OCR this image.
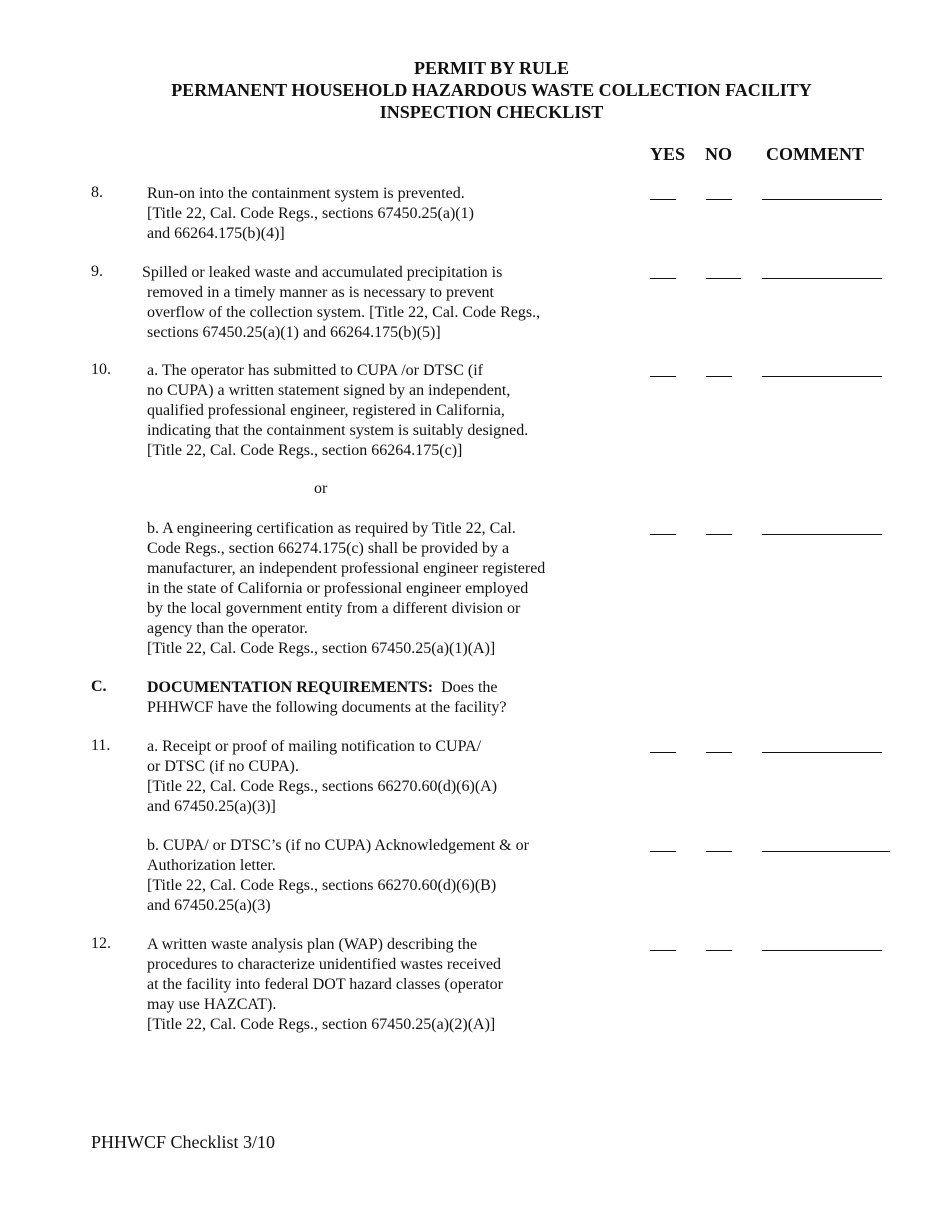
PERMIT BY RULE
PERMANENT HOUSEHOLD HAZARDOUS WASTE COLLECTION FACILITY
INSPECTION CHECKLIST
YES NO COMMENT
8.	Run-on into the containment system is prevented.
[Title 22, Cal. Code Regs., sections 67450.25(a)(1)
and 66264.175(b)(4)]
9. Spilled or leaked waste and accumulated precipitation is
removed in a timely manner as is necessary to prevent
overflow of the collection system. [Title 22, Cal. Code Regs.,
sections 67450.25(a)(1) and 66264.175(b)(5)]
10. a. The operator has submitted to CUPA /or DTSC (if
no CUPA) a written statement signed by an independent,
qualified professional engineer, registered in California,
indicating that the containment system is suitably designed.
[Title 22, Cal. Code Regs., section 66264.175(c)]
or
b. A engineering certification as required by Title 22, Cal.
Code Regs., section 66274.175(c) shall be provided by a
manufacturer, an independent professional engineer registered
in the state of California or professional engineer employed
by the local government entity from a different division or
agency than the operator.
[Title 22, Cal. Code Regs., section 67450.25(a)(1)(A)]
C.	DOCUMENTATION REQUIREMENTS: Does the
PHHWCF have the following documents at the facility?
11. a. Receipt or proof of mailing notification to CUPA/
or DTSC (if no CUPA).
[Title 22, Cal. Code Regs., sections 66270.60(d)(6)(A)
and 67450.25(a)(3)]
b. CUPA/ or DTSC’s (if no CUPA) Acknowledgement & or
Authorization letter.
[Title 22, Cal. Code Regs., sections 66270.60(d)(6)(B)
and 67450.25(a)(3)
12. A written waste analysis plan (WAP) describing the
procedures to characterize unidentified wastes received
at the facility into federal DOT hazard classes (operator
may use HAZCAT).
[Title 22, Cal. Code Regs., section 67450.25(a)(2)(A)]
PHHWCF Checklist 3/10
